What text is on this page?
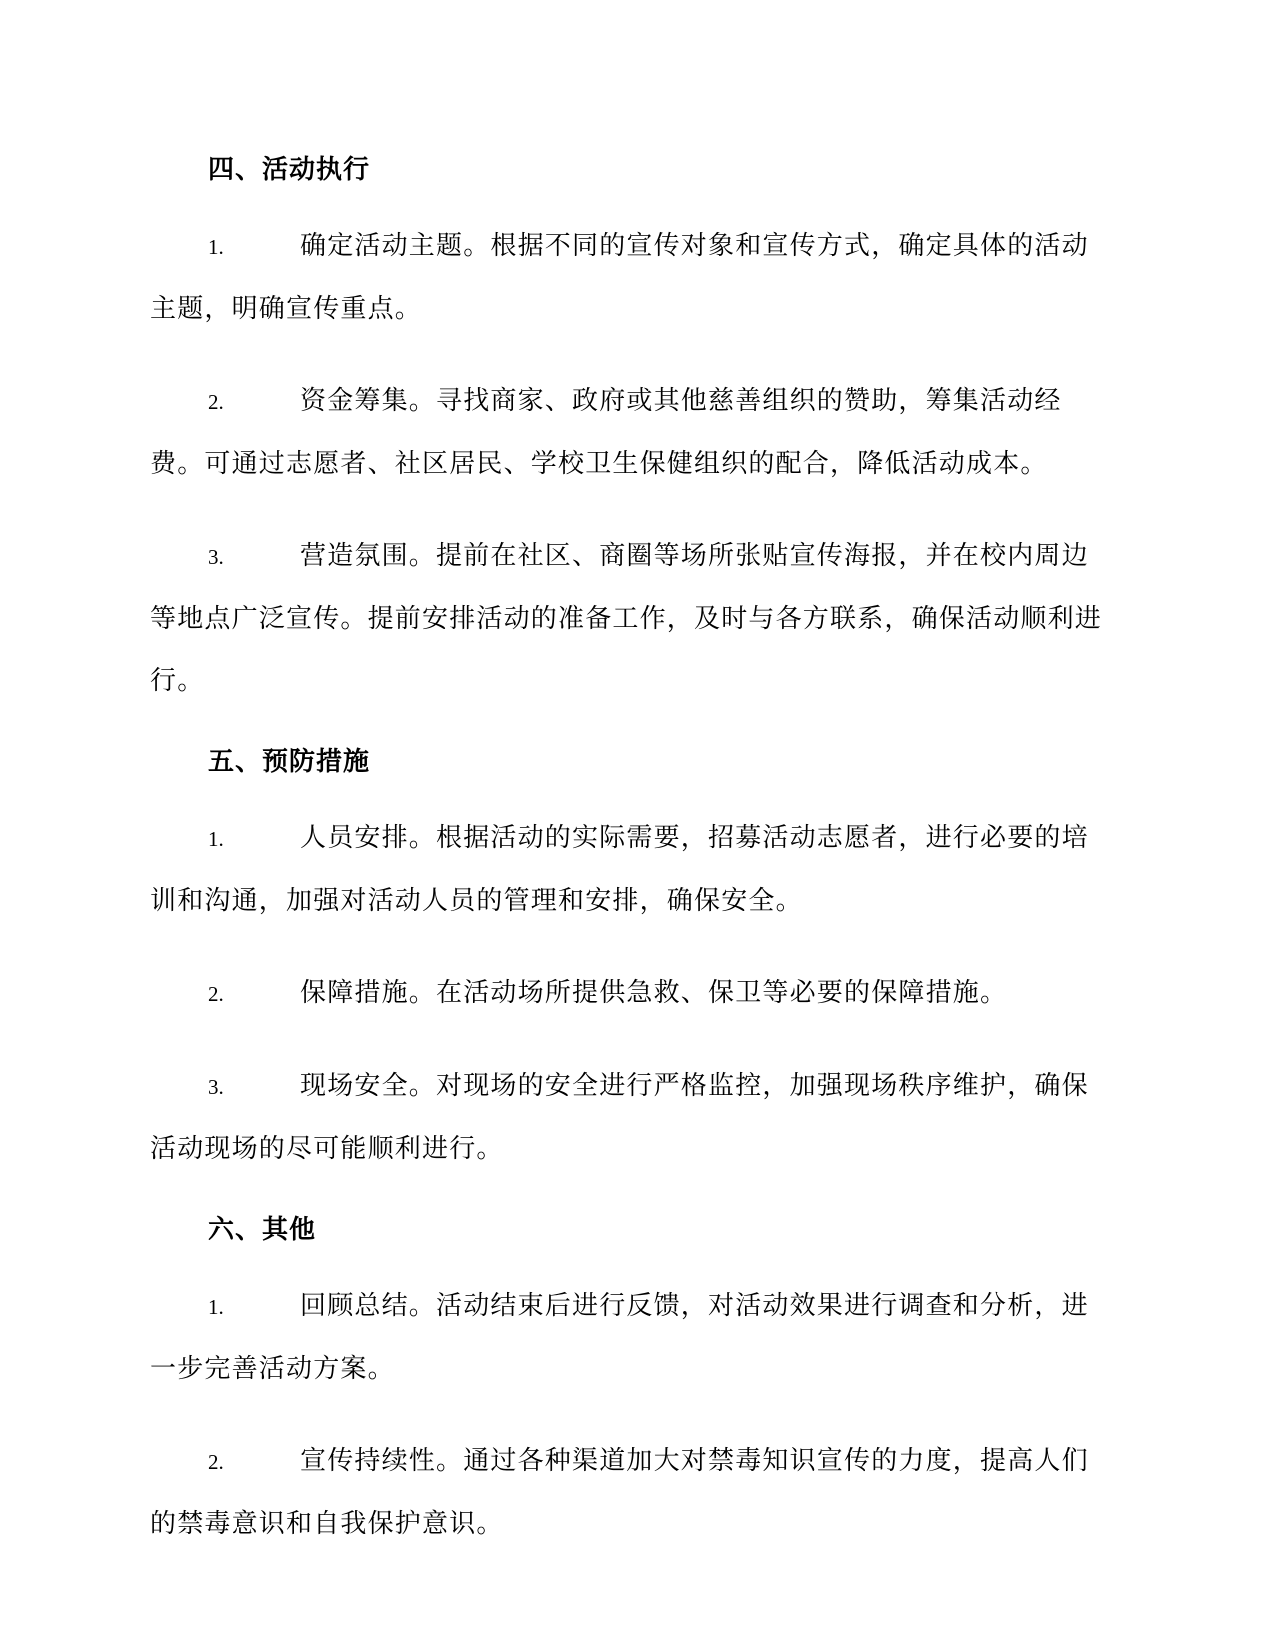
四、活动执行

1.	确定活动主题。根据不同的宣传对象和宣传方式，确定具体的活动主题，明确宣传重点。

2.	资金筹集。寻找商家、政府或其他慈善组织的赞助，筹集活动经费。可通过志愿者、社区居民、学校卫生保健组织的配合，降低活动成本。

3.	营造氛围。提前在社区、商圈等场所张贴宣传海报，并在校内周边等地点广泛宣传。提前安排活动的准备工作，及时与各方联系，确保活动顺利进行。

五、预防措施

1.	人员安排。根据活动的实际需要，招募活动志愿者，进行必要的培训和沟通，加强对活动人员的管理和安排，确保安全。

2.	保障措施。在活动场所提供急救、保卫等必要的保障措施。

3.	现场安全。对现场的安全进行严格监控，加强现场秩序维护，确保活动现场的尽可能顺利进行。

六、其他

1.	回顾总结。活动结束后进行反馈，对活动效果进行调查和分析，进一步完善活动方案。

2.	宣传持续性。通过各种渠道加大对禁毒知识宣传的力度，提高人们的禁毒意识和自我保护意识。
